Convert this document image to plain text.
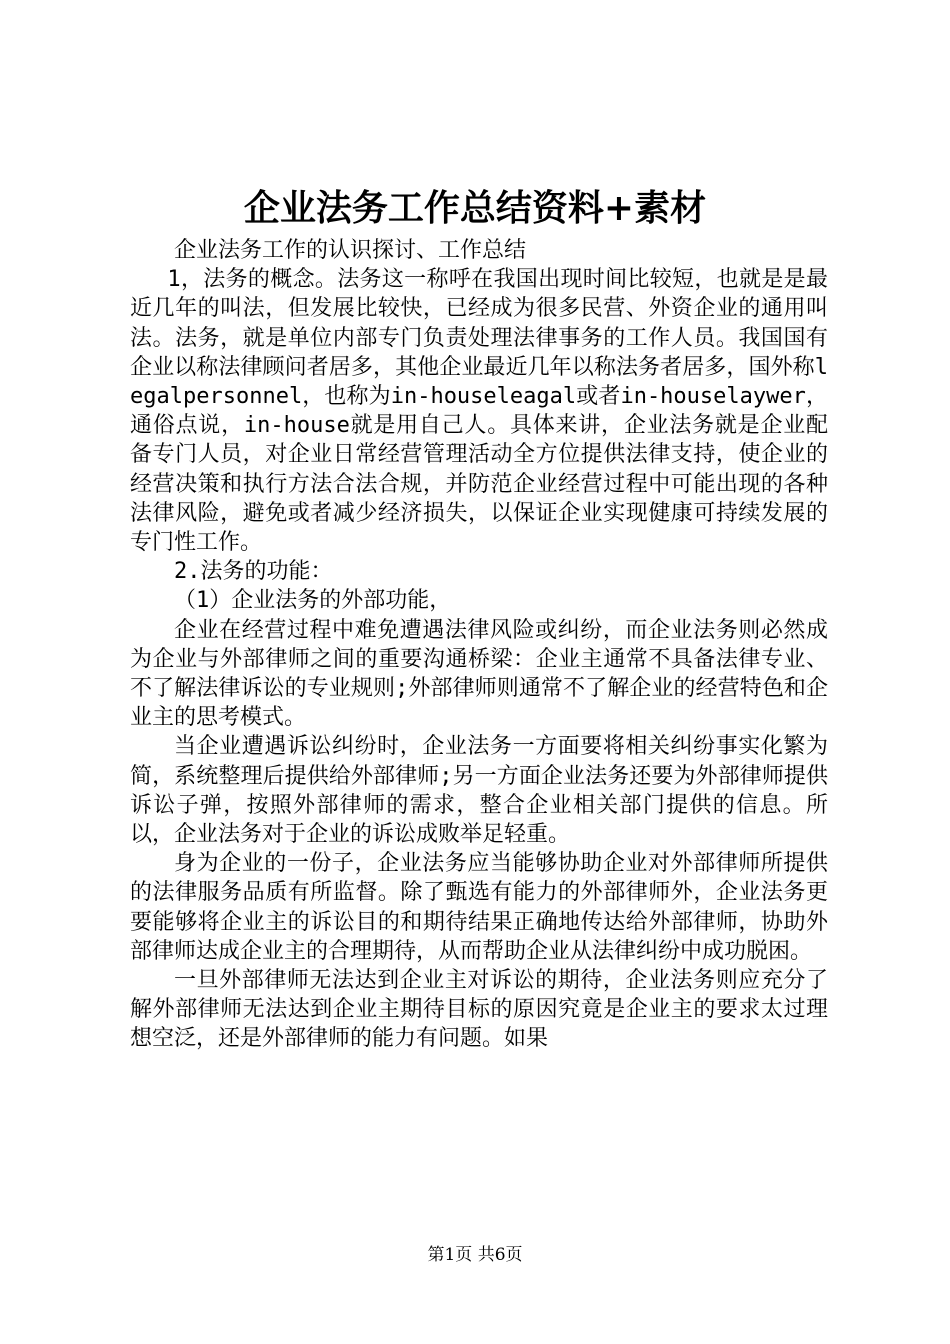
企业法务工作总结资料+素材

企业法务工作的认识探讨、工作总结

1，法务的概念。法务这一称呼在我国出现时间比较短，也就是是最近几年的叫法，但发展比较快，已经成为很多民营、外资企业的通用叫法。法务，就是单位内部专门负责处理法律事务的工作人员。我国国有企业以称法律顾问者居多，其他企业最近几年以称法务者居多，国外称legalpersonnel，也称为in-houseleagal或者in-houselaywer，通俗点说，in-house就是用自己人。具体来讲，企业法务就是企业配备专门人员，对企业日常经营管理活动全方位提供法律支持，使企业的经营决策和执行方法合法合规，并防范企业经营过程中可能出现的各种法律风险，避免或者减少经济损失，以保证企业实现健康可持续发展的专门性工作。

2.法务的功能：

（1）企业法务的外部功能，

企业在经营过程中难免遭遇法律风险或纠纷，而企业法务则必然成为企业与外部律师之间的重要沟通桥梁：企业主通常不具备法律专业、不了解法律诉讼的专业规则;外部律师则通常不了解企业的经营特色和企业主的思考模式。

当企业遭遇诉讼纠纷时，企业法务一方面要将相关纠纷事实化繁为简，系统整理后提供给外部律师;另一方面企业法务还要为外部律师提供诉讼子弹，按照外部律师的需求，整合企业相关部门提供的信息。所以，企业法务对于企业的诉讼成败举足轻重。

身为企业的一份子，企业法务应当能够协助企业对外部律师所提供的法律服务品质有所监督。除了甄选有能力的外部律师外，企业法务更要能够将企业主的诉讼目的和期待结果正确地传达给外部律师，协助外部律师达成企业主的合理期待，从而帮助企业从法律纠纷中成功脱困。

一旦外部律师无法达到企业主对诉讼的期待，企业法务则应充分了解外部律师无法达到企业主期待目标的原因究竟是企业主的要求太过理想空泛，还是外部律师的能力有问题。如果

第1页 共6页
